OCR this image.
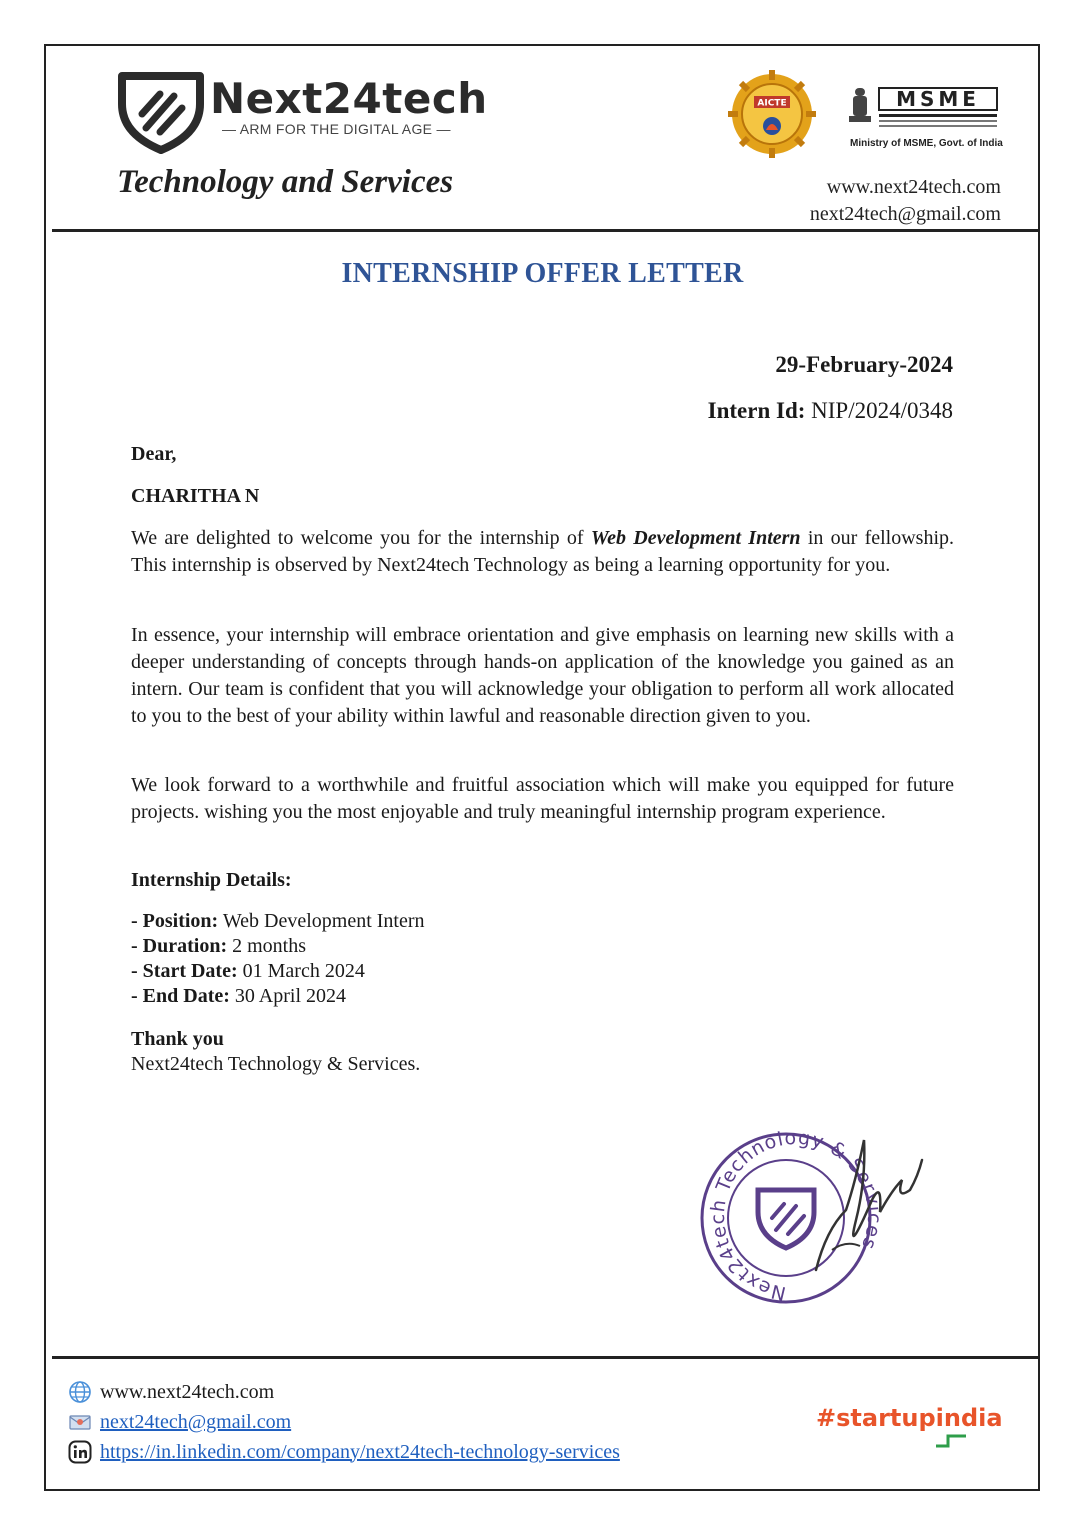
Next24tech
— ARM FOR THE DIGITAL AGE —
Technology and Services
AICTE	MSME
Ministry of MSME, Govt. of India
www.next24tech.com
next24tech@gmail.com
INTERNSHIP OFFER LETTER
29-February-2024
Intern Id: NIP/2024/0348
Dear,
CHARITHA N
We are delighted to welcome you for the internship of Web Development Intern in our fellowship. This internship is observed by Next24tech Technology as being a learning opportunity for you.
In essence, your internship will embrace orientation and give emphasis on learning new skills with a deeper understanding of concepts through hands-on application of the knowledge you gained as an intern. Our team is confident that you will acknowledge your obligation to perform all work allocated to you to the best of your ability within lawful and reasonable direction given to you.
We look forward to a worthwhile and fruitful association which will make you equipped for future projects. wishing you the most enjoyable and truly meaningful internship program experience.
Internship Details:
- Position: Web Development Intern
- Duration: 2 months
- Start Date: 01 March 2024
- End Date: 30 April 2024
Thank you
Next24tech Technology & Services.
Next24tech Technology & Services
www.next24tech.com
next24tech@gmail.com
https://in.linkedin.com/company/next24tech-technology-services
#startupindia
